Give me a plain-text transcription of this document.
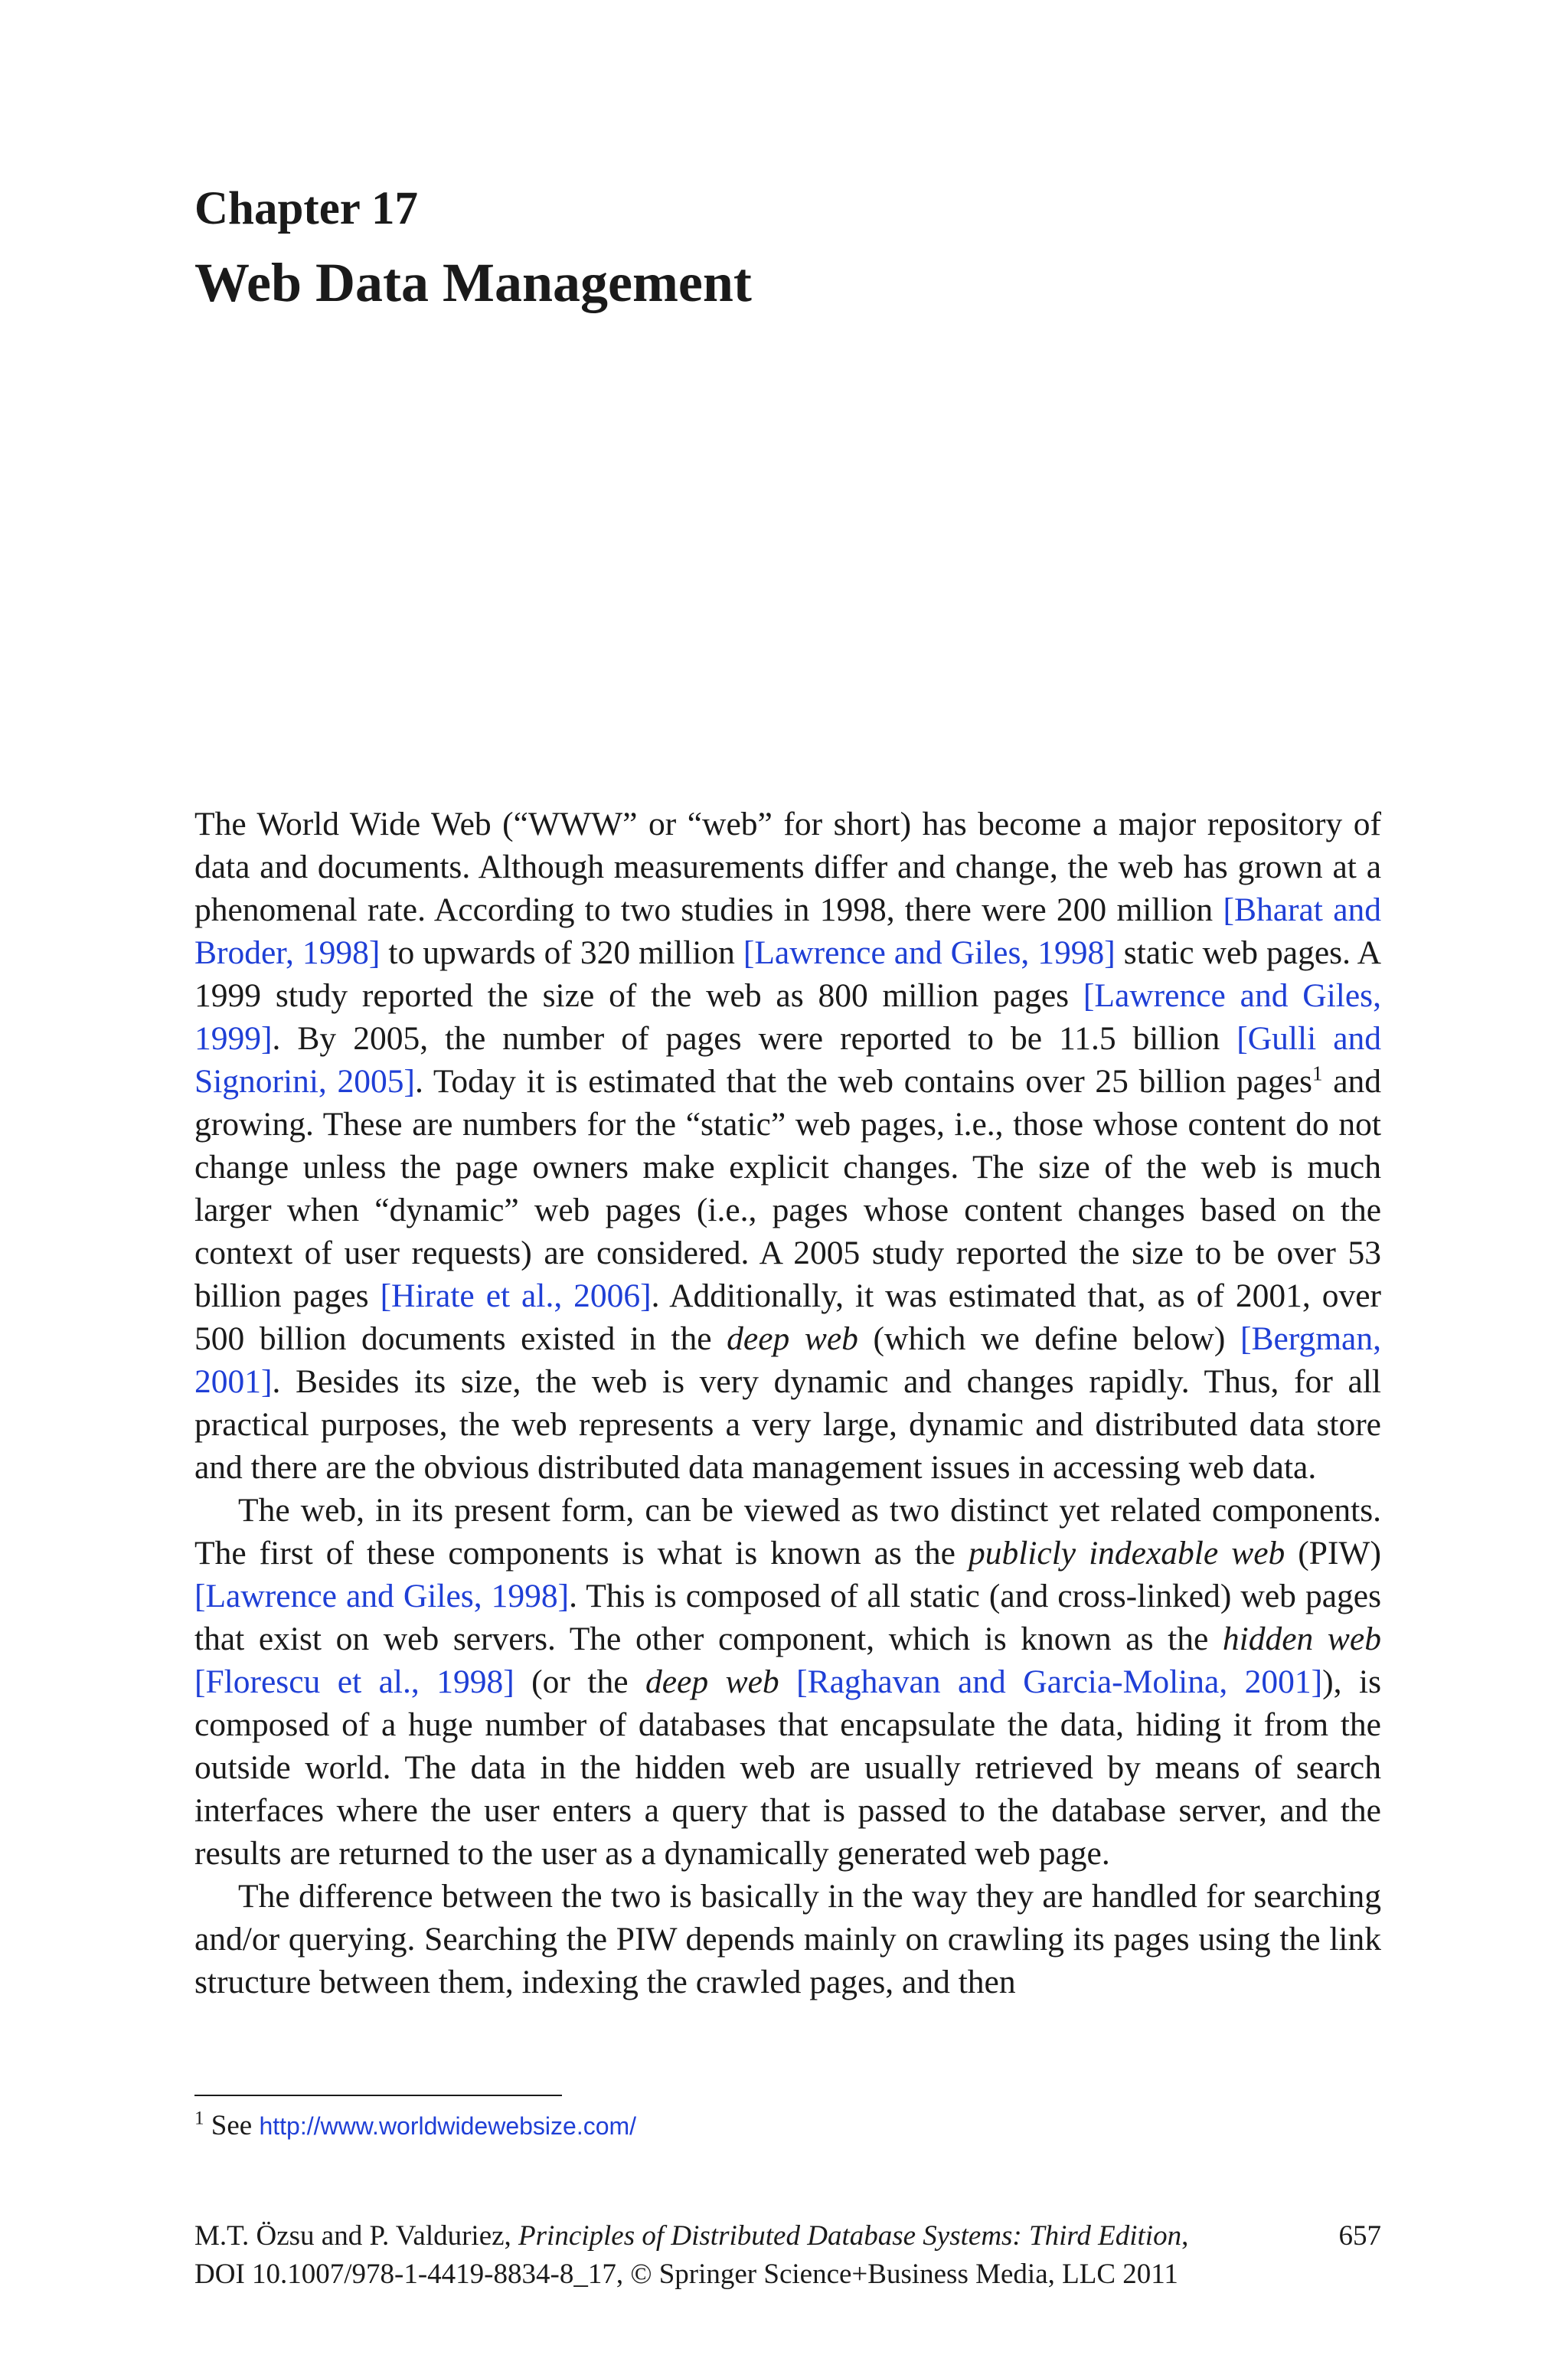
Chapter 17
Web Data Management

The World Wide Web (“WWW” or “web” for short) has become a major repository of data and documents. Although measurements differ and change, the web has grown at a phenomenal rate. According to two studies in 1998, there were 200 million [Bharat and Broder, 1998] to upwards of 320 million [Lawrence and Giles, 1998] static web pages. A 1999 study reported the size of the web as 800 million pages [Lawrence and Giles, 1999]. By 2005, the number of pages were reported to be 11.5 billion [Gulli and Signorini, 2005]. Today it is estimated that the web contains over 25 billion pages$^1$ and growing. These are numbers for the “static” web pages, i.e., those whose content do not change unless the page owners make explicit changes. The size of the web is much larger when “dynamic” web pages (i.e., pages whose content changes based on the context of user requests) are considered. A 2005 study reported the size to be over 53 billion pages [Hirate et al., 2006]. Additionally, it was estimated that, as of 2001, over 500 billion documents existed in the deep web (which we define below) [Bergman, 2001]. Besides its size, the web is very dynamic and changes rapidly. Thus, for all practical purposes, the web represents a very large, dynamic and distributed data store and there are the obvious distributed data management issues in accessing web data.

The web, in its present form, can be viewed as two distinct yet related components. The first of these components is what is known as the publicly indexable web (PIW) [Lawrence and Giles, 1998]. This is composed of all static (and cross-linked) web pages that exist on web servers. The other component, which is known as the hidden web [Florescu et al., 1998] (or the deep web [Raghavan and Garcia-Molina, 2001]), is composed of a huge number of databases that encapsulate the data, hiding it from the outside world. The data in the hidden web are usually retrieved by means of search interfaces where the user enters a query that is passed to the database server, and the results are returned to the user as a dynamically generated web page.

The difference between the two is basically in the way they are handled for searching and/or querying. Searching the PIW depends mainly on crawling its pages using the link structure between them, indexing the crawled pages, and then

$^1$ See http://www.worldwidewebsize.com/
M.T. Özsu and P. Valduriez, Principles of Distributed Database Systems: Third Edition,
DOI 10.1007/978-1-4419-8834-8_17, © Springer Science+Business Media, LLC 2011
657
